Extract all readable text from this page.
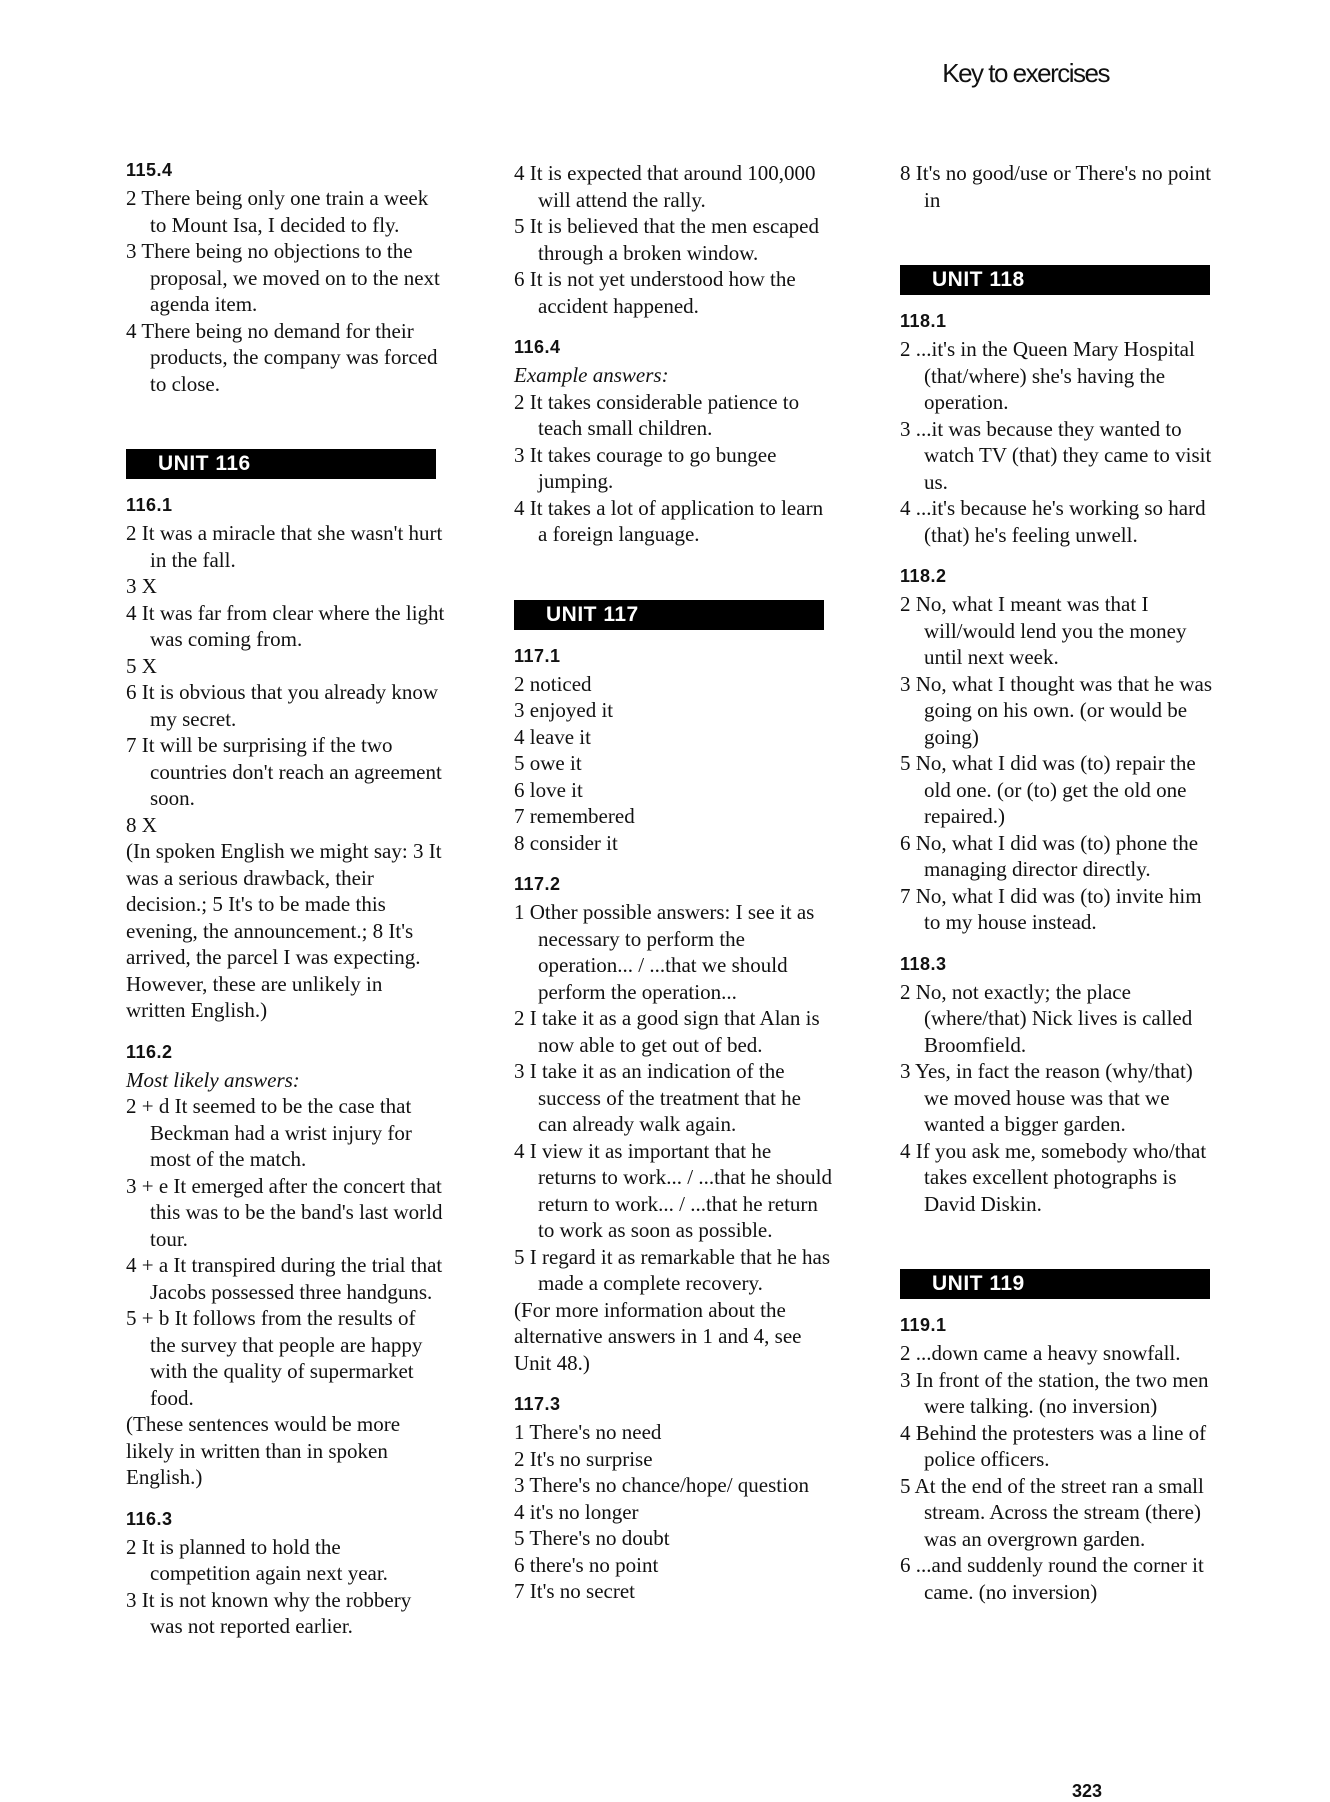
Key to exercises
115.4
2 There being only one train a week to Mount Isa, I decided to fly.
3 There being no objections to the proposal, we moved on to the next agenda item.
4 There being no demand for their products, the company was forced to close.
UNIT 116
116.1
2 It was a miracle that she wasn't hurt in the fall.
3 X
4 It was far from clear where the light was coming from.
5 X
6 It is obvious that you already know my secret.
7 It will be surprising if the two countries don't reach an agreement soon.
8 X
(In spoken English we might say: 3 It was a serious drawback, their decision.; 5 It's to be made this evening, the announcement.; 8 It's arrived, the parcel I was expecting. However, these are unlikely in written English.)
116.2
Most likely answers:
2 + d It seemed to be the case that Beckman had a wrist injury for most of the match.
3 + e It emerged after the concert that this was to be the band's last world tour.
4 + a It transpired during the trial that Jacobs possessed three handguns.
5 + b It follows from the results of the survey that people are happy with the quality of supermarket food.
(These sentences would be more likely in written than in spoken English.)
116.3
2 It is planned to hold the competition again next year.
3 It is not known why the robbery was not reported earlier.
4 It is expected that around 100,000 will attend the rally.
5 It is believed that the men escaped through a broken window.
6 It is not yet understood how the accident happened.
116.4
Example answers:
2 It takes considerable patience to teach small children.
3 It takes courage to go bungee jumping.
4 It takes a lot of application to learn a foreign language.
UNIT 117
117.1
2 noticed
3 enjoyed it
4 leave it
5 owe it
6 love it
7 remembered
8 consider it
117.2
1 Other possible answers: I see it as necessary to perform the operation... / ...that we should perform the operation...
2 I take it as a good sign that Alan is now able to get out of bed.
3 I take it as an indication of the success of the treatment that he can already walk again.
4 I view it as important that he returns to work... / ...that he should return to work... / ...that he return to work as soon as possible.
5 I regard it as remarkable that he has made a complete recovery.
(For more information about the alternative answers in 1 and 4, see Unit 48.)
117.3
1 There's no need
2 It's no surprise
3 There's no chance/hope/ question
4 it's no longer
5 There's no doubt
6 there's no point
7 It's no secret
8 It's no good/use or There's no point in
UNIT 118
118.1
2 ...it's in the Queen Mary Hospital (that/where) she's having the operation.
3 ...it was because they wanted to watch TV (that) they came to visit us.
4 ...it's because he's working so hard (that) he's feeling unwell.
118.2
2 No, what I meant was that I will/would lend you the money until next week.
3 No, what I thought was that he was going on his own. (or would be going)
5 No, what I did was (to) repair the old one. (or (to) get the old one repaired.)
6 No, what I did was (to) phone the managing director directly.
7 No, what I did was (to) invite him to my house instead.
118.3
2 No, not exactly; the place (where/that) Nick lives is called Broomfield.
3 Yes, in fact the reason (why/that) we moved house was that we wanted a bigger garden.
4 If you ask me, somebody who/that takes excellent photographs is David Diskin.
UNIT 119
119.1
2 ...down came a heavy snowfall.
3 In front of the station, the two men were talking. (no inversion)
4 Behind the protesters was a line of police officers.
5 At the end of the street ran a small stream. Across the stream (there) was an overgrown garden.
6 ...and suddenly round the corner it came. (no inversion)
323
